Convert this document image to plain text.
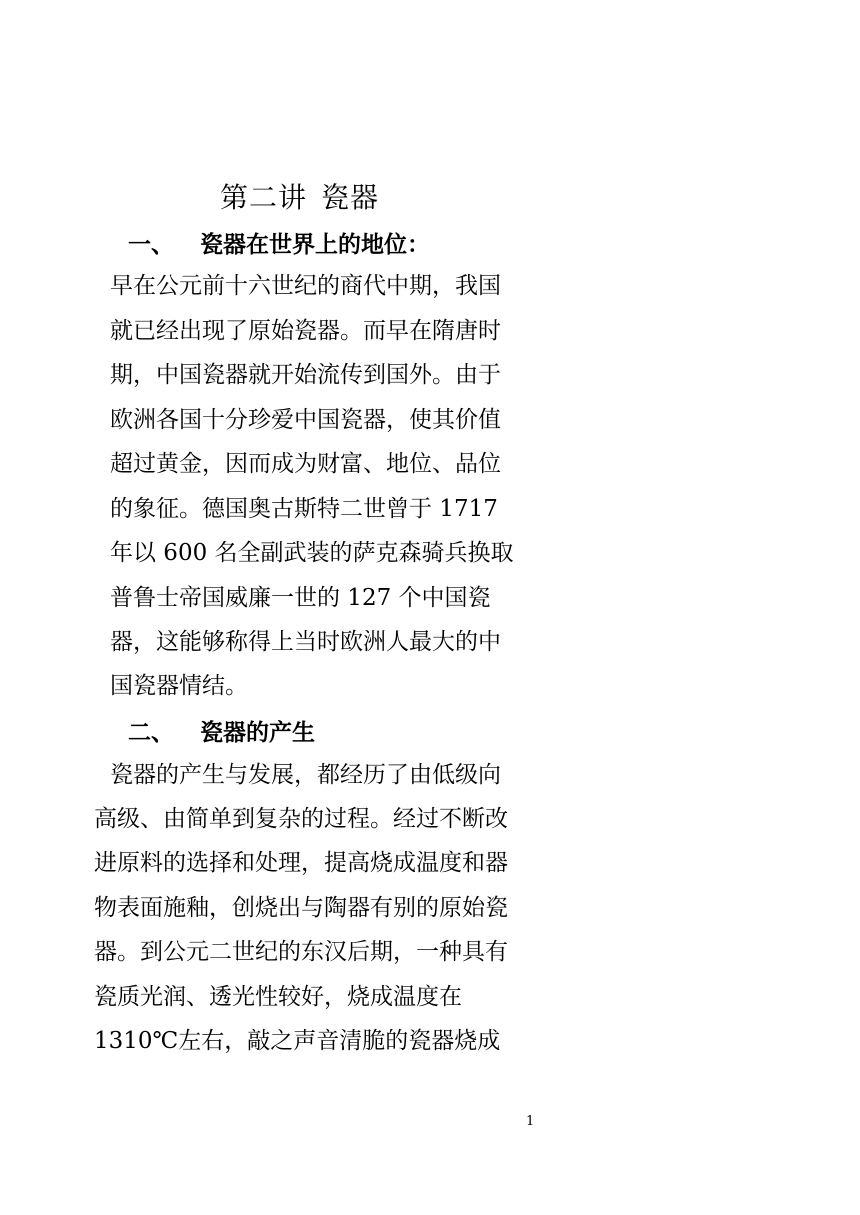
第二讲 瓷器
一、 瓷器在世界上的地位：
早在公元前十六世纪的商代中期，我国
就已经出现了原始瓷器。而早在隋唐时
期，中国瓷器就开始流传到国外。由于
欧洲各国十分珍爱中国瓷器，使其价值
超过黄金，因而成为财富、地位、品位
的象征。德国奥古斯特二世曾于 1717
年以 600 名全副武装的萨克森骑兵换取
普鲁士帝国威廉一世的 127 个中国瓷
器，这能够称得上当时欧洲人最大的中
国瓷器情结。
二、 瓷器的产生
瓷器的产生与发展，都经历了由低级向
高级、由简单到复杂的过程。经过不断改
进原料的选择和处理，提高烧成温度和器
物表面施釉，创烧出与陶器有别的原始瓷
器。到公元二世纪的东汉后期，一种具有
瓷质光润、透光性较好，烧成温度在
1310℃左右，敲之声音清脆的瓷器烧成
1
